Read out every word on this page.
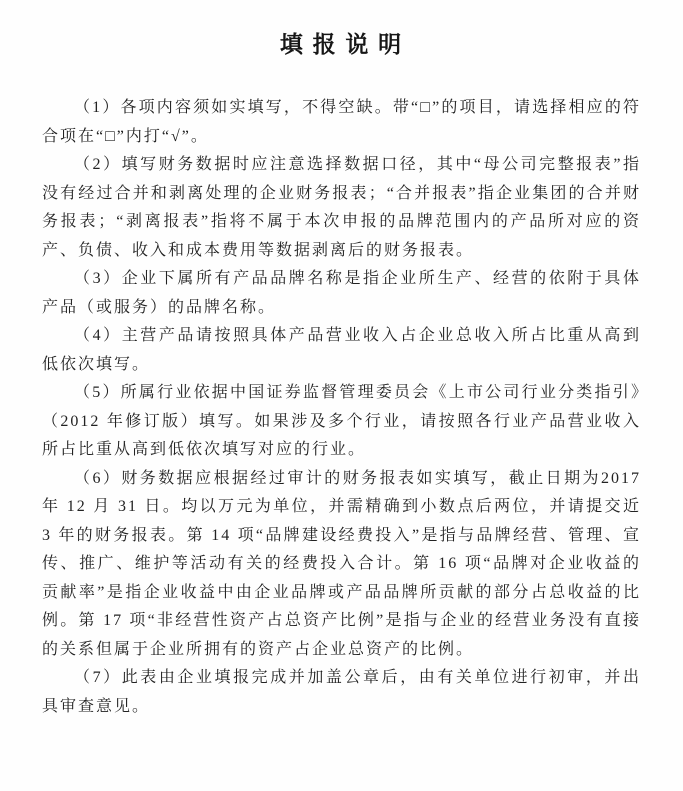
填 报 说 明

（1）各项内容须如实填写，不得空缺。带“□”的项目，请选择相应的符合项在“□”内打“√”。

（2）填写财务数据时应注意选择数据口径，其中“母公司完整报表”指没有经过合并和剥离处理的企业财务报表；“合并报表”指企业集团的合并财务报表；“剥离报表”指将不属于本次申报的品牌范围内的产品所对应的资产、负债、收入和成本费用等数据剥离后的财务报表。

（3）企业下属所有产品品牌名称是指企业所生产、经营的依附于具体产品（或服务）的品牌名称。

（4）主营产品请按照具体产品营业收入占企业总收入所占比重从高到低依次填写。

（5）所属行业依据中国证券监督管理委员会《上市公司行业分类指引》（2012 年修订版）填写。如果涉及多个行业，请按照各行业产品营业收入所占比重从高到低依次填写对应的行业。

（6）财务数据应根据经过审计的财务报表如实填写，截止日期为2017 年 12 月 31 日。均以万元为单位，并需精确到小数点后两位，并请提交近 3 年的财务报表。第 14 项“品牌建设经费投入”是指与品牌经营、管理、宣传、推广、维护等活动有关的经费投入合计。第 16 项“品牌对企业收益的贡献率”是指企业收益中由企业品牌或产品品牌所贡献的部分占总收益的比例。第 17 项“非经营性资产占总资产比例”是指与企业的经营业务没有直接的关系但属于企业所拥有的资产占企业总资产的比例。

（7）此表由企业填报完成并加盖公章后，由有关单位进行初审，并出具审查意见。
